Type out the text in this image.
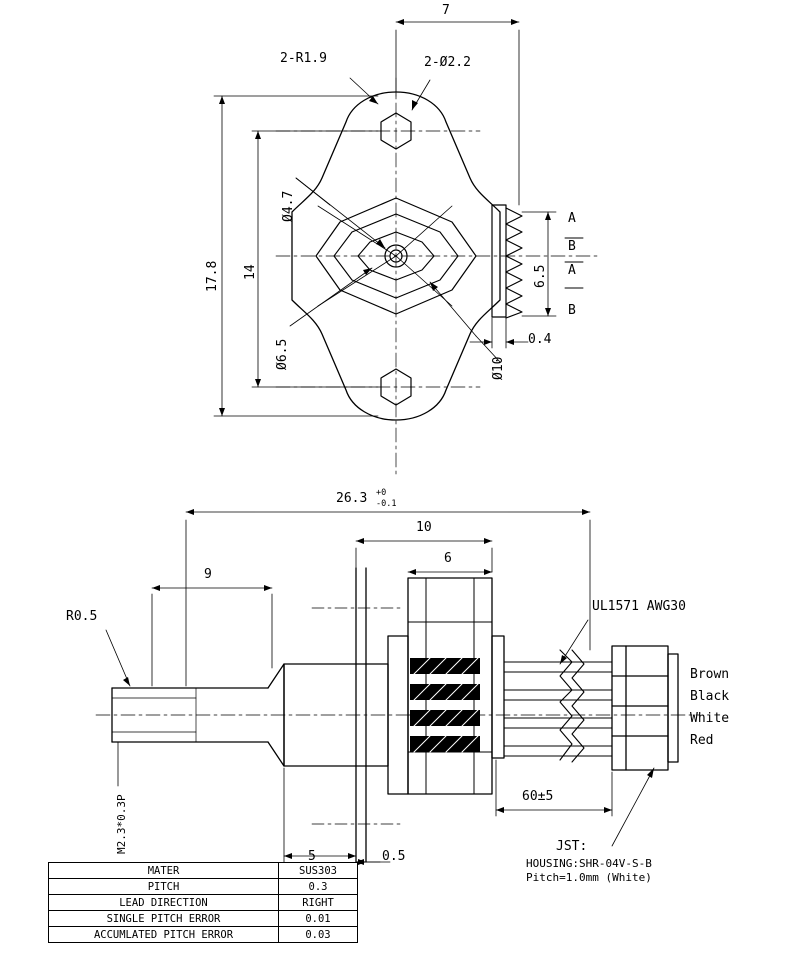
7
2-R1.9	2-Ø2.2
Ø4.7
Ø6.5	Ø10
17.8 14	6.5
0.4
A
B
A
B
26.3 +0
-0.1
10
6
9
R0.5
M2.3*0.3P
5	0.5
60±5
UL1571 AWG30
Brown
Black
White
Red
JST:
HOUSING:SHR-04V-S-B
Pitch=1.0mm (White)
MATER	SUS303
PITCH	0.3
LEAD DIRECTION	RIGHT
SINGLE PITCH ERROR	0.01
ACCUMLATED PITCH ERROR	0.03
